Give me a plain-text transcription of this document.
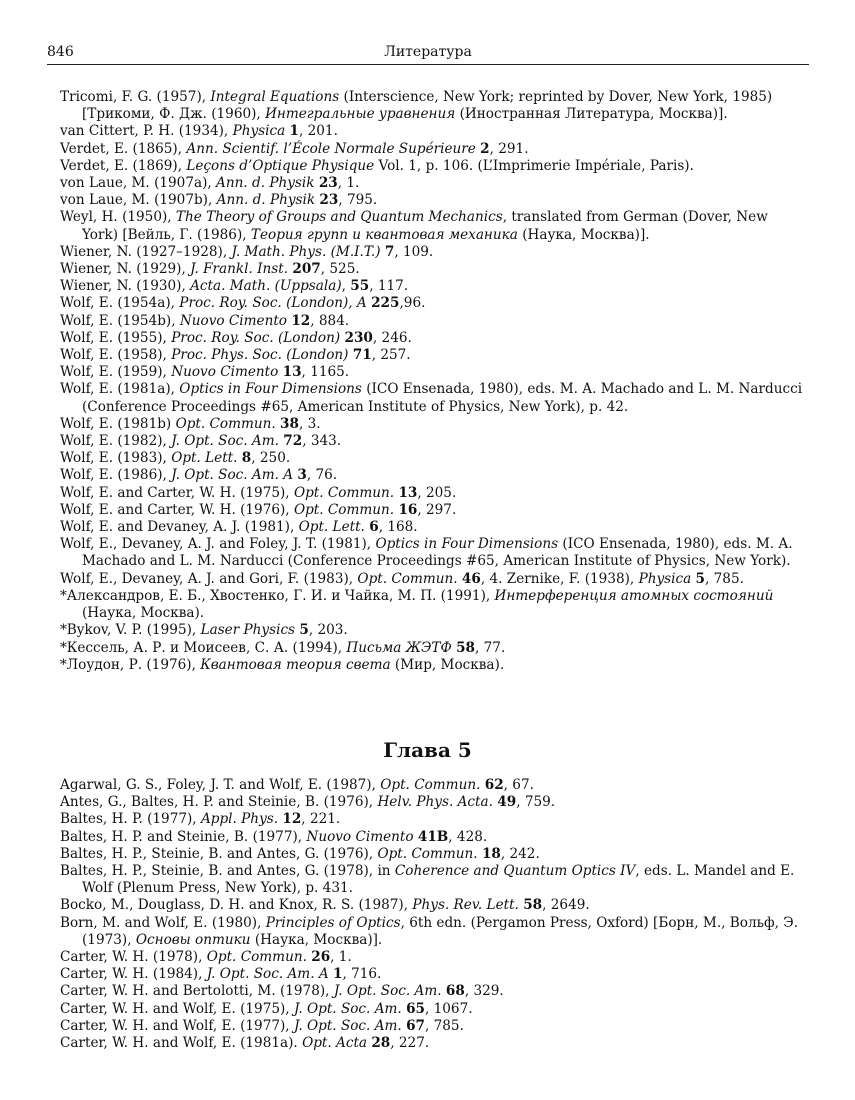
846	Литература

Tricomi, F. G. (1957), Integral Equations (Interscience, New York; reprinted by Dover, New York, 1985) [Трикоми, Ф. Дж. (1960), Интегральные уравнения (Иностранная Литература, Москва)].

van Cittert, P. H. (1934), Physica 1, 201.

Verdet, E. (1865), Ann. Scientif. l’École Normale Supérieure 2, 291.

Verdet, E. (1869), Leçons d’Optique Physique Vol. 1, p. 106. (L’Imprimerie Impériale, Paris).

von Laue, M. (1907a), Ann. d. Physik 23, 1.

von Laue, M. (1907b), Ann. d. Physik 23, 795.

Weyl, H. (1950), The Theory of Groups and Quantum Mechanics, translated from German (Dover, New York) [Вейль, Г. (1986), Теория групп и квантовая механика (Наука, Москва)].

Wiener, N. (1927–1928), J. Math. Phys. (M.I.T.) 7, 109.

Wiener, N. (1929), J. Frankl. Inst. 207, 525.

Wiener, N. (1930), Acta. Math. (Uppsala), 55, 117.

Wolf, E. (1954a), Proc. Roy. Soc. (London), A 225,96.

Wolf, E. (1954b), Nuovo Cimento 12, 884.

Wolf, E. (1955), Proc. Roy. Soc. (London) 230, 246.

Wolf, E. (1958), Proc. Phys. Soc. (London) 71, 257.

Wolf, E. (1959), Nuovo Cimento 13, 1165.

Wolf, E. (1981a), Optics in Four Dimensions (ICO Ensenada, 1980), eds. M. A. Machado and L. M. Narducci (Conference Proceedings #65, American Institute of Physics, New York), p. 42.

Wolf, E. (1981b) Opt. Commun. 38, 3.

Wolf, E. (1982), J. Opt. Soc. Am. 72, 343.

Wolf, E. (1983), Opt. Lett. 8, 250.

Wolf, E. (1986), J. Opt. Soc. Am. A 3, 76.

Wolf, E. and Carter, W. H. (1975), Opt. Commun. 13, 205.

Wolf, E. and Carter, W. H. (1976), Opt. Commun. 16, 297.

Wolf, E. and Devaney, A. J. (1981), Opt. Lett. 6, 168.

Wolf, E., Devaney, A. J. and Foley, J. T. (1981), Optics in Four Dimensions (ICO Ensenada, 1980), eds. M. A. Machado and L. M. Narducci (Conference Proceedings #65, American Institute of Physics, New York).

Wolf, E., Devaney, A. J. and Gori, F. (1983), Opt. Commun. 46, 4. Zernike, F. (1938), Physica 5, 785.

*Александров, Е. Б., Хвостенко, Г. И. и Чайка, М. П. (1991), Интерференция атомных состояний (Наука, Москва).

*Bykov, V. P. (1995), Laser Physics 5, 203.

*Кессель, А. Р. и Моисеев, С. А. (1994), Письма ЖЭТФ 58, 77.

*Лоудон, Р. (1976), Квантовая теория света (Мир, Москва).

Глава 5

Agarwal, G. S., Foley, J. T. and Wolf, E. (1987), Opt. Commun. 62, 67.

Antes, G., Baltes, H. P. and Steinie, B. (1976), Helv. Phys. Acta. 49, 759.

Baltes, H. P. (1977), Appl. Phys. 12, 221.

Baltes, H. P. and Steinie, B. (1977), Nuovo Cimento 41B, 428.

Baltes, H. P., Steinie, B. and Antes, G. (1976), Opt. Commun. 18, 242.

Baltes, H. P., Steinie, B. and Antes, G. (1978), in Coherence and Quantum Optics IV, eds. L. Mandel and E. Wolf (Plenum Press, New York), p. 431.

Bocko, M., Douglass, D. H. and Knox, R. S. (1987), Phys. Rev. Lett. 58, 2649.

Born, M. and Wolf, E. (1980), Principles of Optics, 6th edn. (Pergamon Press, Oxford) [Борн, М., Вольф, Э. (1973), Основы оптики (Наука, Москва)].

Carter, W. H. (1978), Opt. Commun. 26, 1.

Carter, W. H. (1984), J. Opt. Soc. Am. A 1, 716.

Carter, W. H. and Bertolotti, M. (1978), J. Opt. Soc. Am. 68, 329.

Carter, W. H. and Wolf, E. (1975), J. Opt. Soc. Am. 65, 1067.

Carter, W. H. and Wolf, E. (1977), J. Opt. Soc. Am. 67, 785.

Carter, W. H. and Wolf, E. (1981a). Opt. Acta 28, 227.
